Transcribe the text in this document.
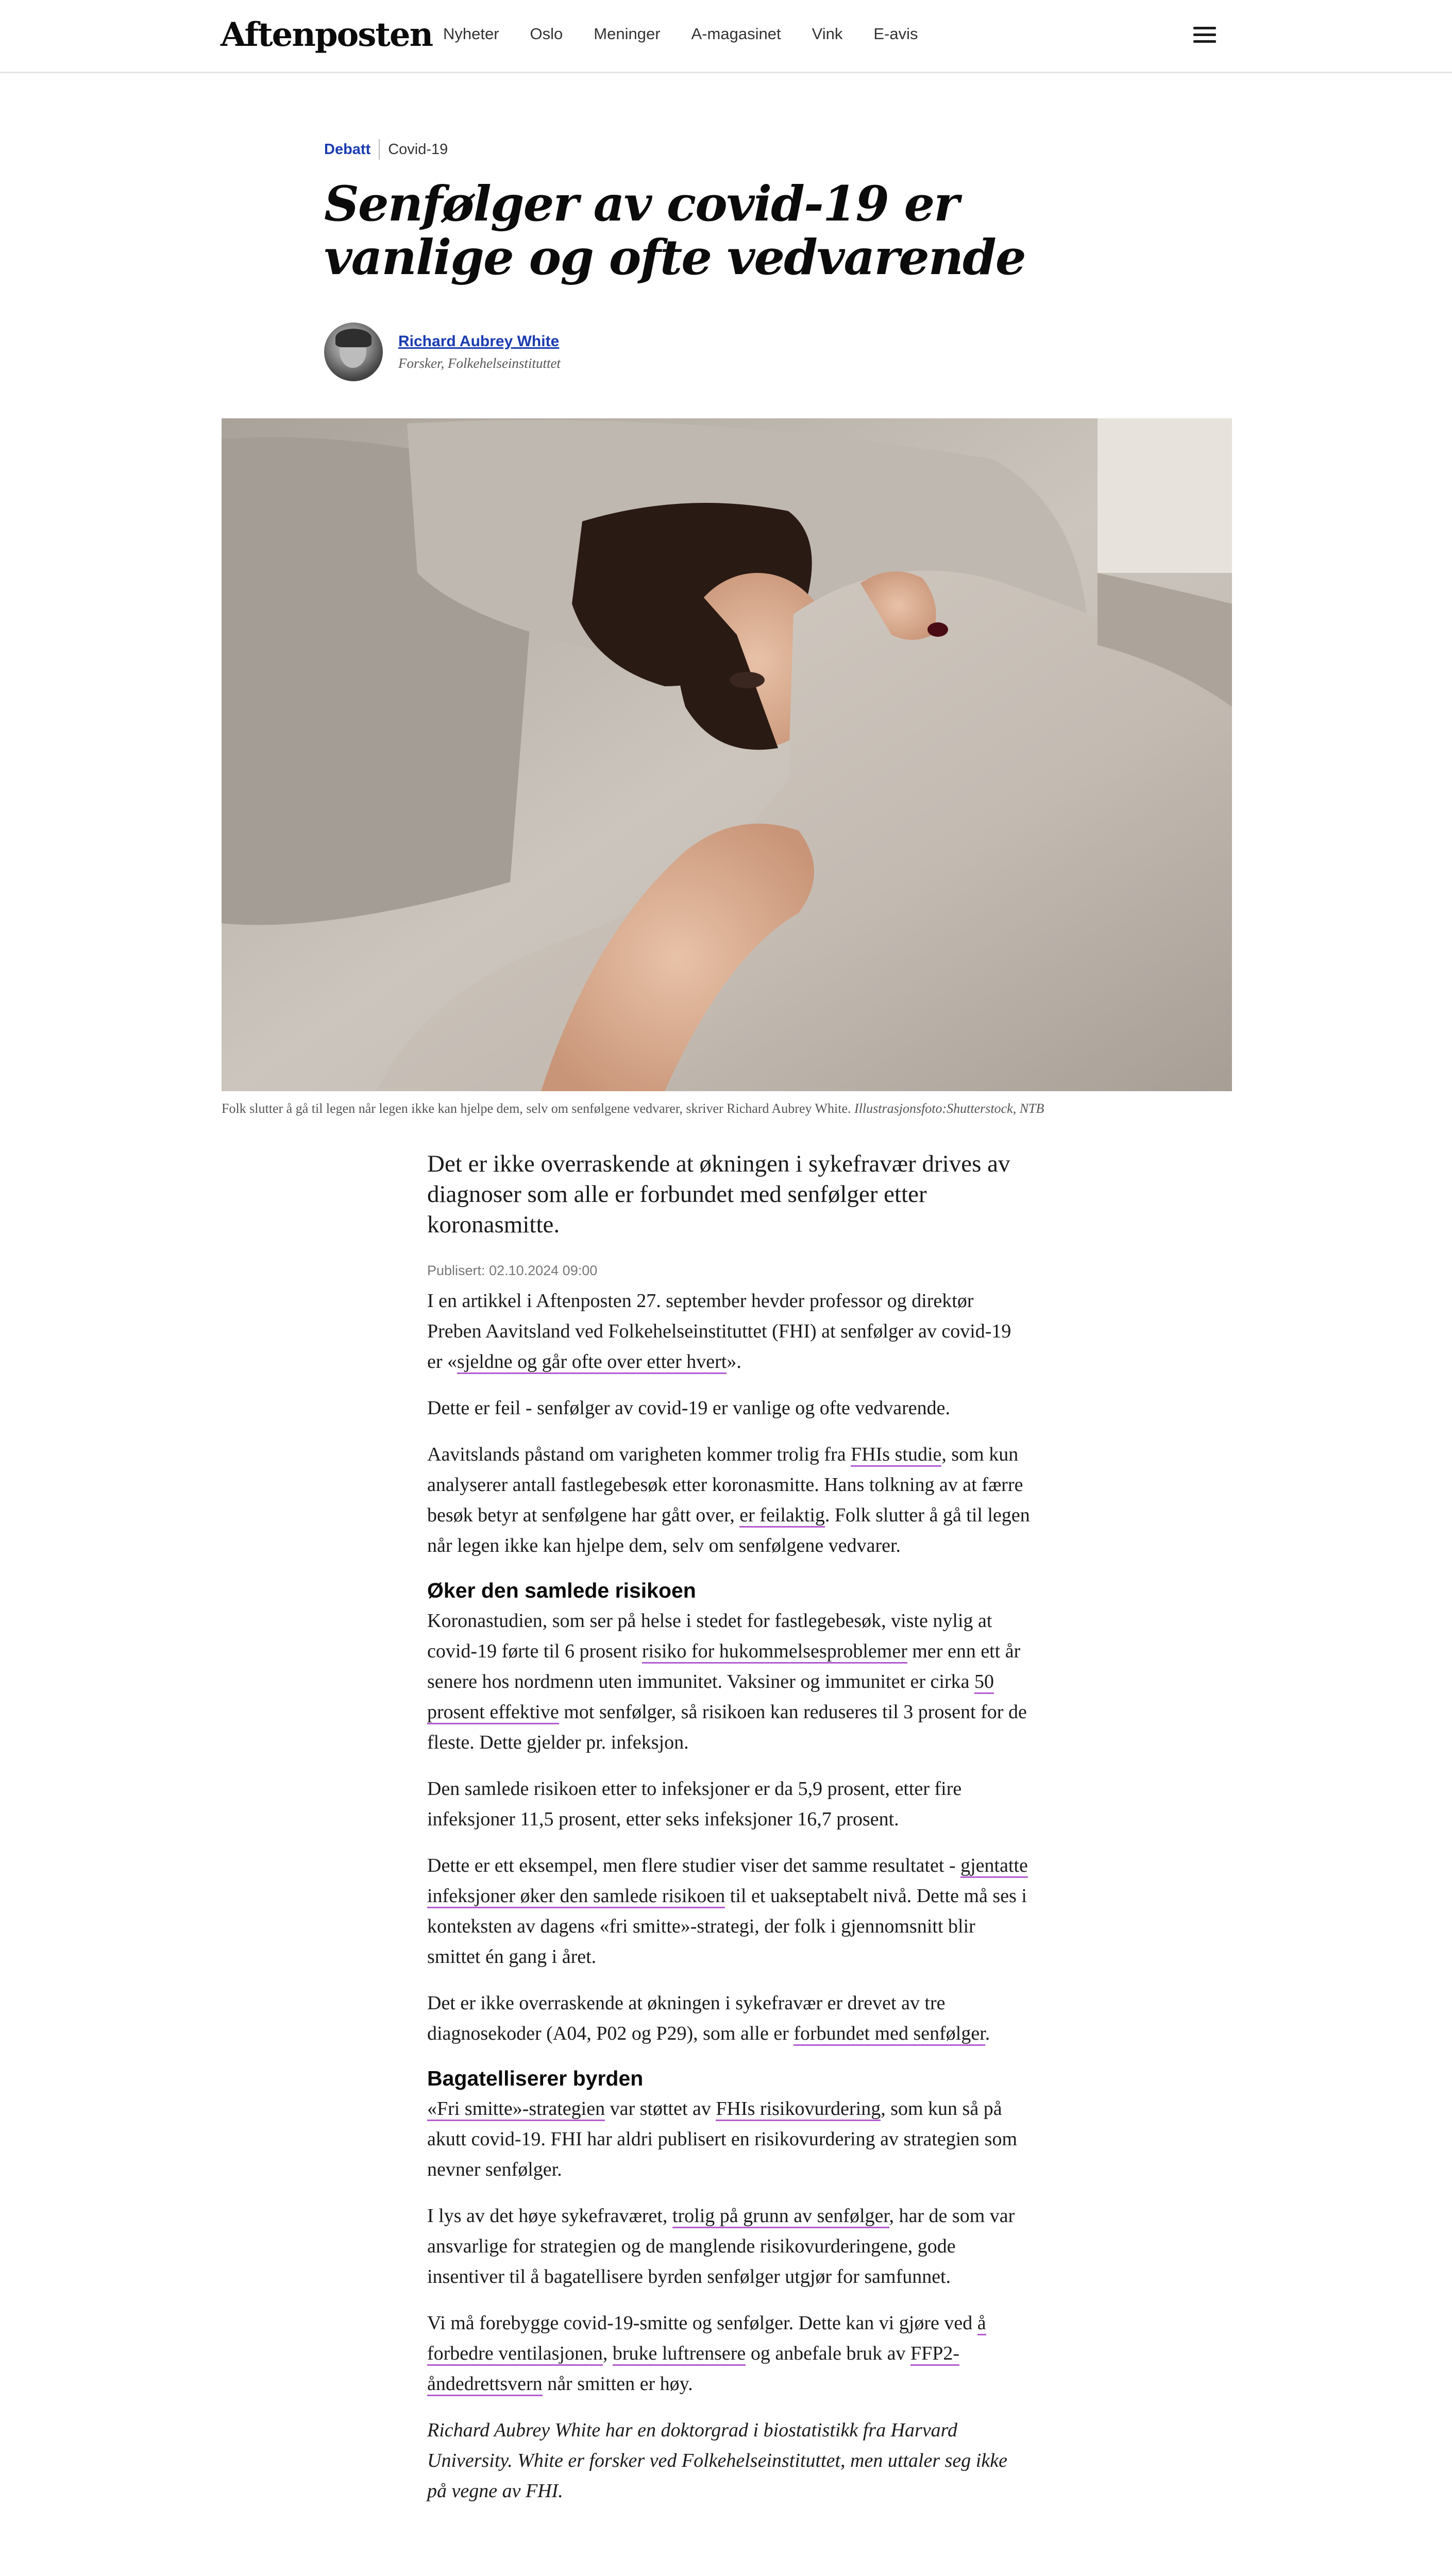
Aftenposten Nyheter Oslo Meninger A-magasinet Vink E-avis
Debatt Covid-19
Senfølger av covid-19 er vanlige og ofte vedvarende
Richard Aubrey White
Forsker, Folkehelseinstituttet
Folk slutter å gå til legen når legen ikke kan hjelpe dem, selv om senfølgene vedvarer, skriver Richard Aubrey White. Illustrasjonsfoto:Shutterstock, NTB

Det er ikke overraskende at økningen i sykefravær drives av diagnoser som alle er forbundet med senfølger etter koronasmitte.

Publisert: 02.10.2024 09:00

I en artikkel i Aftenposten 27. september hevder professor og direktør Preben Aavitsland ved Folkehelseinstituttet (FHI) at senfølger av covid-19 er «sjeldne og går ofte over etter hvert».

Dette er feil - senfølger av covid-19 er vanlige og ofte vedvarende.

Aavitslands påstand om varigheten kommer trolig fra FHIs studie, som kun analyserer antall fastlegebesøk etter koronasmitte. Hans tolkning av at færre besøk betyr at senfølgene har gått over, er feilaktig. Folk slutter å gå til legen når legen ikke kan hjelpe dem, selv om senfølgene vedvarer.

Øker den samlede risikoen

Koronastudien, som ser på helse i stedet for fastlegebesøk, viste nylig at covid-19 førte til 6 prosent risiko for hukommelsesproblemer mer enn ett år senere hos nordmenn uten immunitet. Vaksiner og immunitet er cirka 50 prosent effektive mot senfølger, så risikoen kan reduseres til 3 prosent for de fleste. Dette gjelder pr. infeksjon.

Den samlede risikoen etter to infeksjoner er da 5,9 prosent, etter fire infeksjoner 11,5 prosent, etter seks infeksjoner 16,7 prosent.

Dette er ett eksempel, men flere studier viser det samme resultatet - gjentatte infeksjoner øker den samlede risikoen til et uakseptabelt nivå. Dette må ses i konteksten av dagens «fri smitte»-strategi, der folk i gjennomsnitt blir smittet én gang i året.

Det er ikke overraskende at økningen i sykefravær er drevet av tre diagnosekoder (A04, P02 og P29), som alle er forbundet med senfølger.

Bagatelliserer byrden

«Fri smitte»-strategien var støttet av FHIs risikovurdering, som kun så på akutt covid-19. FHI har aldri publisert en risikovurdering av strategien som nevner senfølger.

I lys av det høye sykefraværet, trolig på grunn av senfølger, har de som var ansvarlige for strategien og de manglende risikovurderingene, gode insentiver til å bagatellisere byrden senfølger utgjør for samfunnet.

Vi må forebygge covid-19-smitte og senfølger. Dette kan vi gjøre ved å forbedre ventilasjonen, bruke luftrensere og anbefale bruk av FFP2-åndedrettsvern når smitten er høy.

Richard Aubrey White har en doktorgrad i biostatistikk fra Harvard University. White er forsker ved Folkehelseinstituttet, men uttaler seg ikke på vegne av FHI.
